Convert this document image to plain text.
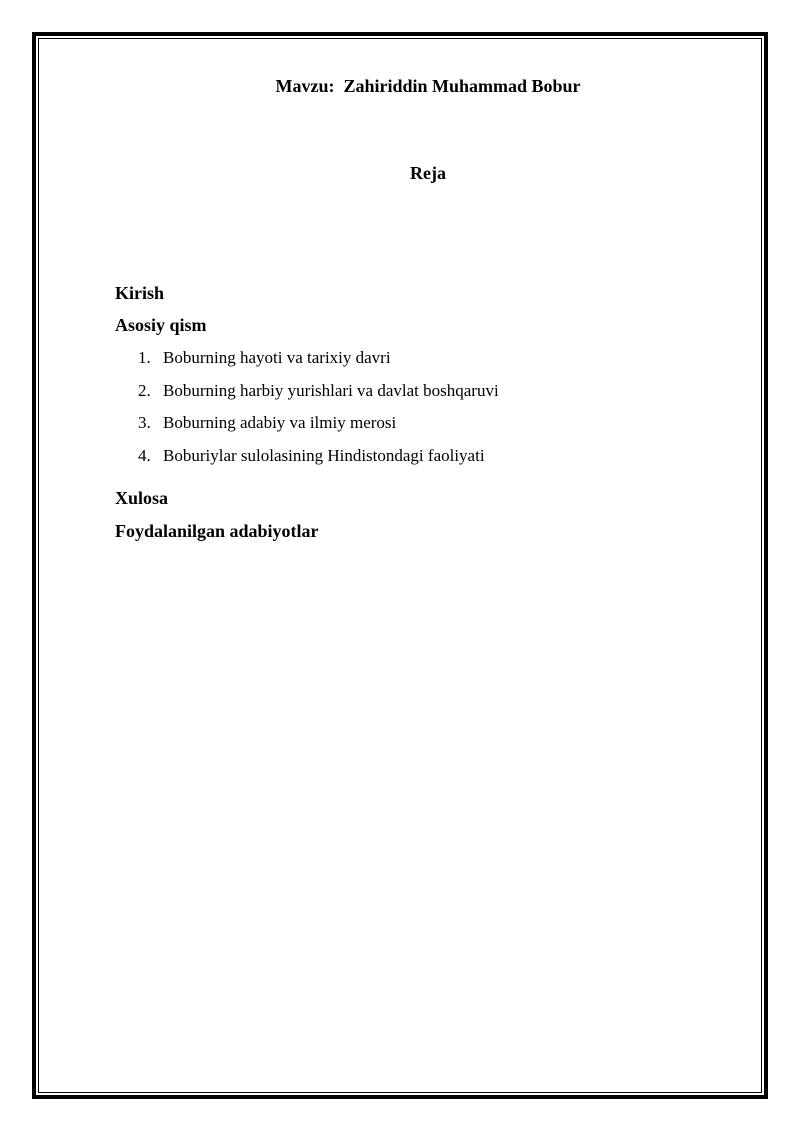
Mavzu:  Zahiriddin Muhammad Bobur
Reja
Kirish
Asosiy qism
1. Boburning hayoti va tarixiy davri
2. Boburning harbiy yurishlari va davlat boshqaruvi
3. Boburning adabiy va ilmiy merosi
4. Boburiylar sulolasining Hindistondagi faoliyati
Xulosa
Foydalanilgan adabiyotlar
